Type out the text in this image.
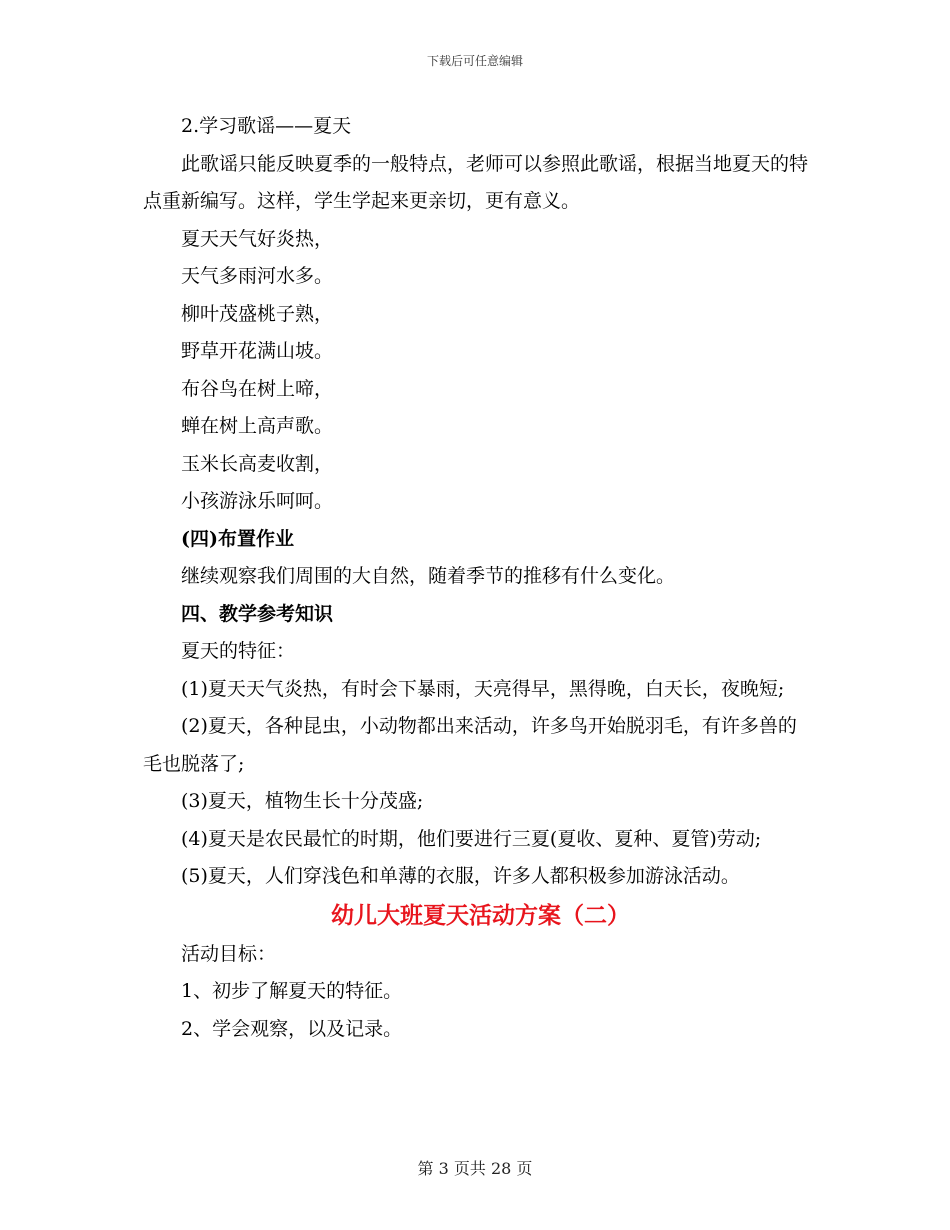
下载后可任意编辑

2.学习歌谣——夏天

此歌谣只能反映夏季的一般特点，老师可以参照此歌谣，根据当地夏天的特点重新编写。这样，学生学起来更亲切，更有意义。

夏天天气好炎热，

天气多雨河水多。

柳叶茂盛桃子熟，

野草开花满山坡。

布谷鸟在树上啼，

蝉在树上高声歌。

玉米长高麦收割，

小孩游泳乐呵呵。

(四)布置作业

继续观察我们周围的大自然，随着季节的推移有什么变化。

四、教学参考知识

夏天的特征：

(1)夏天天气炎热，有时会下暴雨，天亮得早，黑得晚，白天长，夜晚短;

(2)夏天，各种昆虫，小动物都出来活动，许多鸟开始脱羽毛，有许多兽的毛也脱落了;

(3)夏天，植物生长十分茂盛;

(4)夏天是农民最忙的时期，他们要进行三夏(夏收、夏种、夏管)劳动;

(5)夏天，人们穿浅色和单薄的衣服，许多人都积极参加游泳活动。

幼儿大班夏天活动方案（二）

活动目标：

1、初步了解夏天的特征。

2、学会观察，以及记录。

第 3 页共 28 页
